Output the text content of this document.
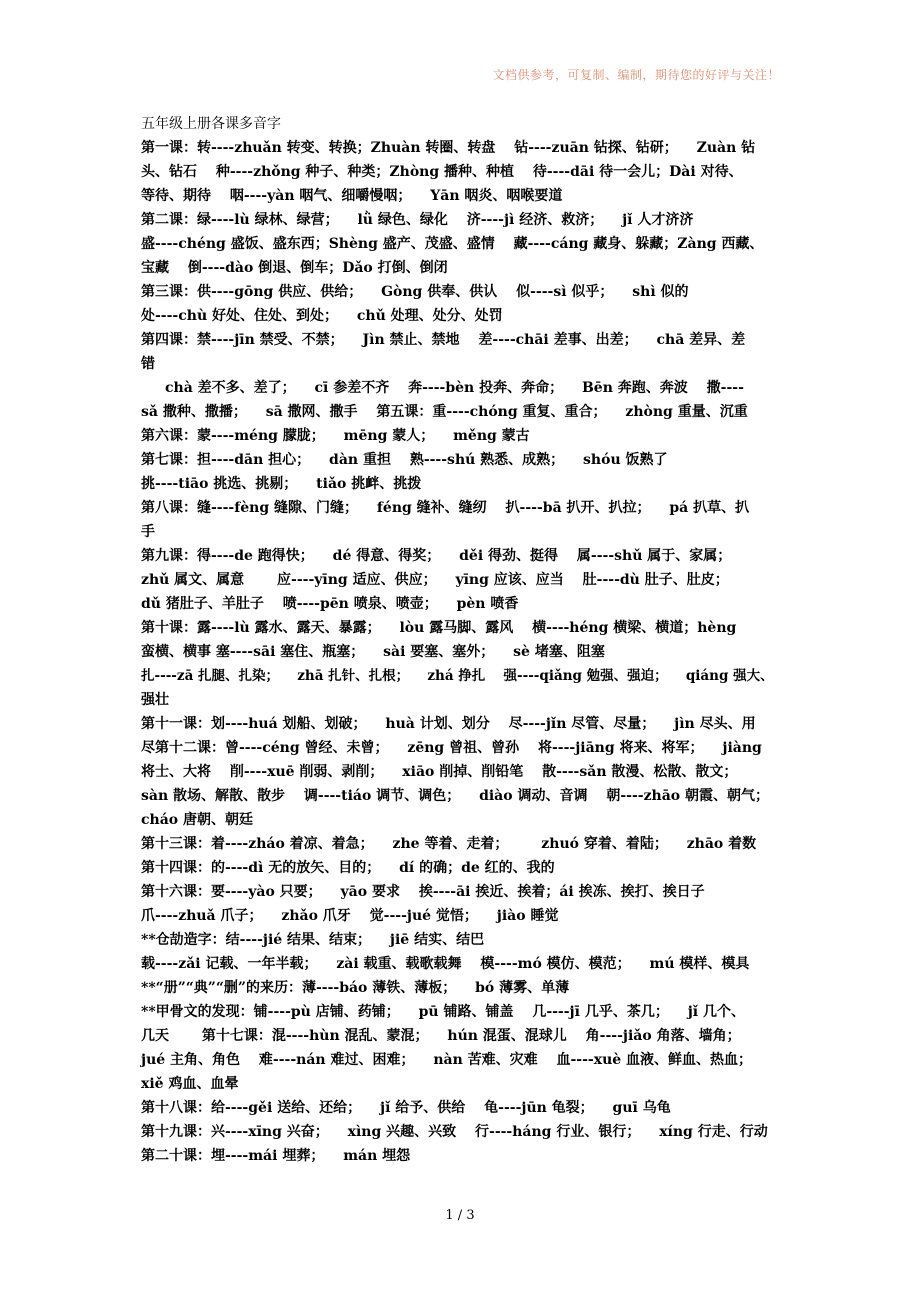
文档供参考，可复制、编制，期待您的好评与关注！

五年级上册各课多音字

第一课：转----zhuǎn 转变、转换；Zhuàn 转圈、转盘 　钻----zuān 钻探、钻研； 　Zuàn 钻

头、钻石 　种----zhǒng 种子、种类；Zhòng 播种、种植 　待----dāi 待一会儿；Dài 对待、

等待、期待 　咽----yàn 咽气、细嚼慢咽； 　Yān 咽炎、咽喉要道

第二课：绿----lù 绿林、绿营； 　lǜ 绿色、绿化 　济----jì 经济、救济； 　jǐ 人才济济

盛----chéng 盛饭、盛东西；Shèng 盛产、茂盛、盛情 　藏----cáng 藏身、躲藏；Zàng 西藏、

宝藏 　倒----dào 倒退、倒车；Dǎo 打倒、倒闭

第三课：供----gōng 供应、供给； 　Gòng 供奉、供认 　似----sì 似乎； 　shì 似的

处----chù 好处、住处、到处； 　chǔ 处理、处分、处罚

第四课：禁----jīn 禁受、不禁； 　Jìn 禁止、禁地 　差----chāi 差事、出差； 　chā 差异、差

错

chà 差不多、差了； 　cī 参差不齐 　奔----bèn 投奔、奔命； 　Bēn 奔跑、奔波 　撒----

sǎ 撒种、撒播； 　sā 撒网、撒手 　第五课：重----chóng 重复、重合； 　zhòng 重量、沉重

第六课：蒙----méng 朦胧； 　mēng 蒙人； 　měng 蒙古

第七课：担----dān 担心； 　dàn 重担 　熟----shú 熟悉、成熟； 　shóu 饭熟了

挑----tiāo 挑选、挑剔； 　tiǎo 挑衅、挑拨

第八课：缝----fèng 缝隙、门缝； 　féng 缝补、缝纫 　扒----bā 扒开、扒拉； 　pá 扒草、扒

手

第九课：得----de 跑得快； 　dé 得意、得奖； 　děi 得劲、挺得 　属----shǔ 属于、家属；

zhǔ 属文、属意 　　应----yīng 适应、供应； 　yīng 应该、应当 　肚----dù 肚子、肚皮；

dǔ 猪肚子、羊肚子 　喷----pēn 喷泉、喷壶； 　pèn 喷香

第十课：露----lù 露水、露天、暴露； 　lòu 露马脚、露风 　横----héng 横梁、横道；hèng

蛮横、横事 塞----sāi 塞住、瓶塞； 　sài 要塞、塞外； 　sè 堵塞、阻塞

扎----zā 扎腿、扎染； 　zhā 扎针、扎根； 　zhá 挣扎 　强----qiǎng 勉强、强迫； 　qiáng 强大、

强壮

第十一课：划----huá 划船、划破； 　huà 计划、划分 　尽----jǐn 尽管、尽量； 　jìn 尽头、用

尽第十二课：曾----céng 曾经、未曾； 　zēng 曾祖、曾孙 　将----jiāng 将来、将军； 　jiàng

将士、大将 　削----xuē 削弱、剥削； 　xiāo 削掉、削铅笔 　散----sǎn 散漫、松散、散文；

sàn 散场、解散、散步 　调----tiáo 调节、调色； 　diào 调动、音调 　朝----zhāo 朝霞、朝气；

cháo 唐朝、朝廷

第十三课：着----zháo 着凉、着急； 　zhe 等着、走着； 　　zhuó 穿着、着陆； 　zhāo 着数

第十四课：的----dì 无的放矢、目的； 　dí 的确；de 红的、我的

第十六课：要----yào 只要； 　yāo 要求 　挨----āi 挨近、挨着；ái 挨冻、挨打、挨日子

爪----zhuǎ 爪子； 　zhǎo 爪牙 　觉----jué 觉悟； 　jiào 睡觉

**仓劼造字：结----jié 结果、结束； 　jiē 结实、结巴

载----zǎi 记载、一年半载； 　zài 载重、载歌载舞 　模----mó 模仿、模范； 　mú 模样、模具

**“册”“典”“删”的来历：薄----báo 薄铁、薄板； 　bó 薄雾、单薄

**甲骨文的发现：铺----pù 店铺、药铺； 　pū 铺路、铺盖 　几----jī 几乎、茶几； 　jǐ 几个、

几天 　　第十七课：混----hùn 混乱、蒙混； 　hún 混蛋、混球儿 　角----jiǎo 角落、墙角；

jué 主角、角色 　难----nán 难过、困难； 　nàn 苦难、灾难 　血----xuè 血液、鲜血、热血；

xiě 鸡血、血晕

第十八课：给----gěi 送给、还给； 　jǐ 给予、供给 　龟----jūn 龟裂； 　guī 乌龟

第十九课：兴----xīng 兴奋； 　xìng 兴趣、兴致 　行----háng 行业、银行； 　xíng 行走、行动

第二十课：埋----mái 埋葬； 　mán 埋怨

1 / 3
